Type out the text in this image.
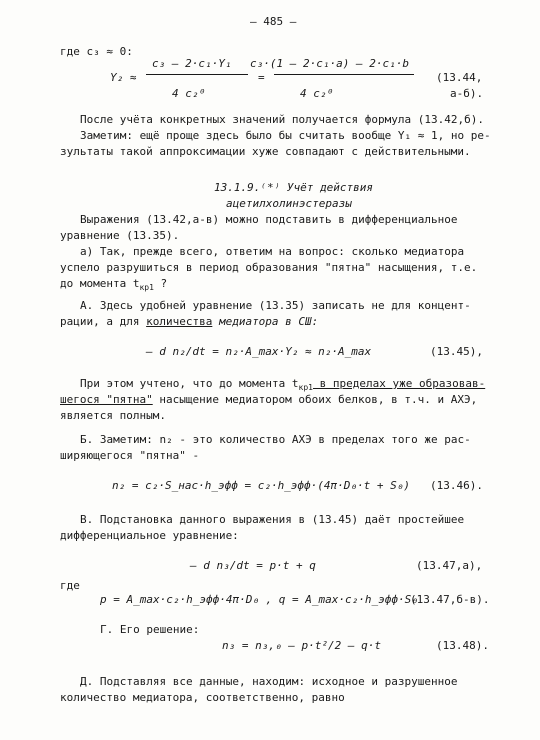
– 485 –
где c₃ ≈ 0:
Y₂ ≈
c₃ – 2·c₁·Y₁
4 c₂⁰
=
c₃·(1 – 2·c₁·a) – 2·c₁·b
4 c₂⁰
(13.44,
а-б).
После учёта конкретных значений получается формула (13.42,б).
Заметим: ещё проще здесь было бы считать вообще Y₁ ≈ 1, но ре-
зультаты такой аппроксимации хуже совпадают с действительными.
13.1.9.⁽*⁾ Учёт действия
ацетилхолинэстеразы
Выражения (13.42,а-в) можно подставить в дифференциальное
уравнение (13.35).
а) Так, прежде всего, ответим на вопрос: сколько медиатора
успело разрушиться в период образования "пятна" насыщения, т.е.
до момента $t_{кр1}$ ?
А. Здесь удобней уравнение (13.35) записать не для концент-
рации, а для количества медиатора в СШ:
– d n₂/dt = n₂·A_max·Y₂ ≈ n₂·A_max	(13.45),
При этом учтено, что до момента $t_{кр1}$ в пределах уже образовав-
шегося "пятна" насыщение медиатором обоих белков, в т.ч. и АХЭ,
является полным.
Б. Заметим: n₂ - это количество АХЭ в пределах того же рас-
ширяющегося "пятна" -
n₂ = c₂·S_нас·h_эфф = c₂·h_эфф·(4π·D₀·t + S₀) (13.46).
В. Подстановка данного выражения в (13.45) даёт простейшее
дифференциальное уравнение:
– d n₃/dt = p·t + q	(13.47,а),
где
p = A_max·c₂·h_эфф·4π·D₀ , q = A_max·c₂·h_эфф·S₀
(13.47,б-в).
Г. Его решение:
n₃ = n₃,₀ – p·t²/2 – q·t	(13.48).
Д. Подставляя все данные, находим: исходное и разрушенное
количество медиатора, соответственно, равно
